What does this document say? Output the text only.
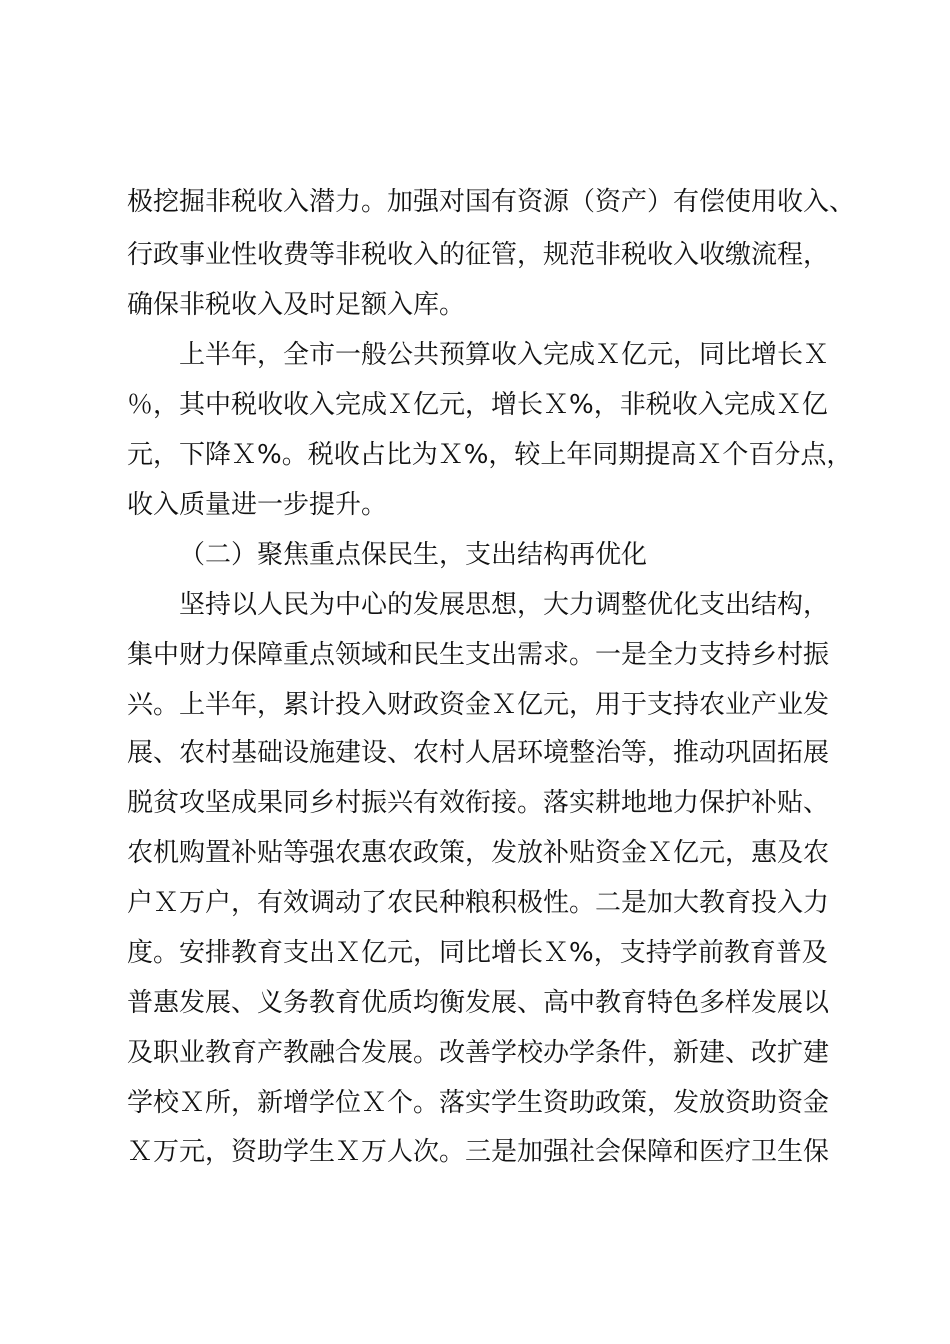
极挖掘非税收入潜力。加强对国有资源（资产）有偿使用收入、
行政事业性收费等非税收入的征管，规范非税收入收缴流程，
确保非税收入及时足额入库。
上半年，全市一般公共预算收入完成Ｘ亿元，同比增长Ｘ
％，其中税收收入完成Ｘ亿元，增长Ｘ%，非税收入完成Ｘ亿
元，下降Ｘ%。税收占比为Ｘ%，较上年同期提高Ｘ个百分点，
收入质量进一步提升。
（二）聚焦重点保民生，支出结构再优化
坚持以人民为中心的发展思想，大力调整优化支出结构，
集中财力保障重点领域和民生支出需求。一是全力支持乡村振
兴。上半年，累计投入财政资金Ｘ亿元，用于支持农业产业发
展、农村基础设施建设、农村人居环境整治等，推动巩固拓展
脱贫攻坚成果同乡村振兴有效衔接。落实耕地地力保护补贴、
农机购置补贴等强农惠农政策，发放补贴资金Ｘ亿元，惠及农
户Ｘ万户，有效调动了农民种粮积极性。二是加大教育投入力
度。安排教育支出Ｘ亿元，同比增长Ｘ%，支持学前教育普及
普惠发展、义务教育优质均衡发展、高中教育特色多样发展以
及职业教育产教融合发展。改善学校办学条件，新建、改扩建
学校Ｘ所，新增学位Ｘ个。落实学生资助政策，发放资助资金
Ｘ万元，资助学生Ｘ万人次。三是加强社会保障和医疗卫生保
